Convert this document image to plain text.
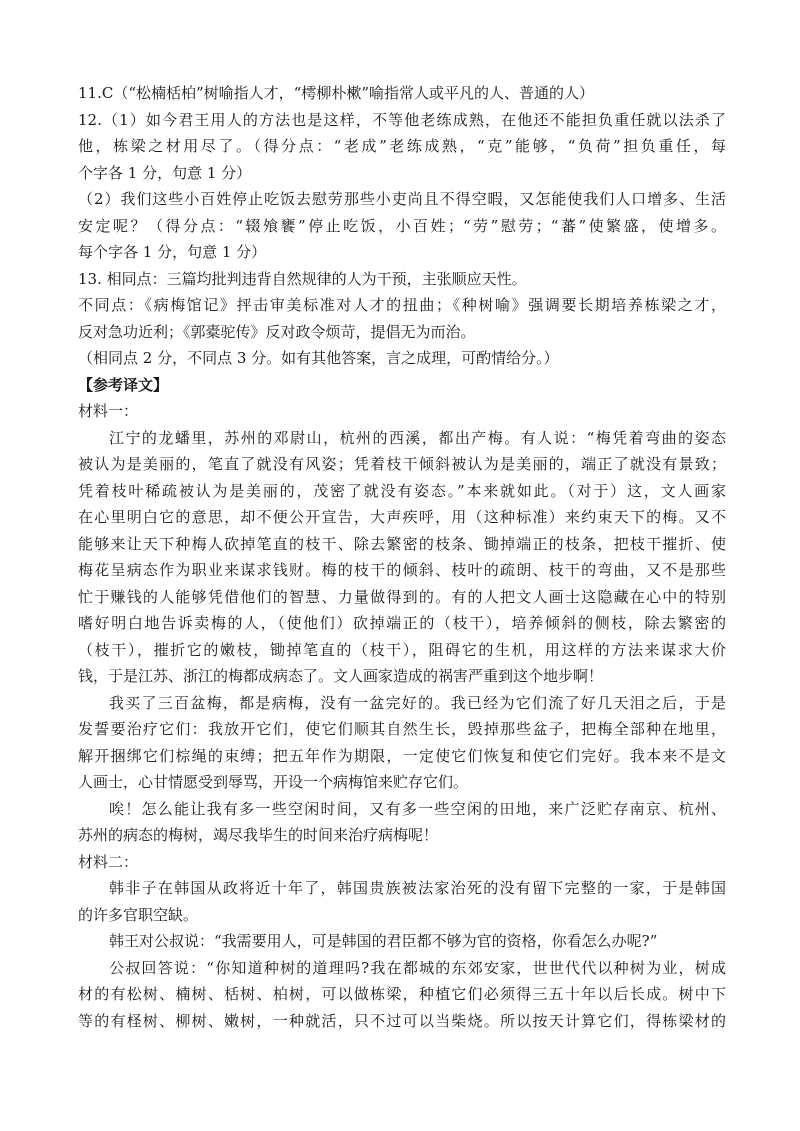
11.C（“松楠栝柏”树喻指人才，“樗柳朴樕”喻指常人或平凡的人、普通的人）
12.（1）如今君王用人的方法也是这样，不等他老练成熟，在他还不能担负重任就以法杀了
他，栋梁之材用尽了。（得分点：“老成”老练成熟，“克”能够，“负荷”担负重任，每
个字各 1 分，句意 1 分）
（2）我们这些小百姓停止吃饭去慰劳那些小吏尚且不得空暇，又怎能使我们人口增多、生活
安定呢？（得分点：“辍飧饔”停止吃饭，小百姓；“劳”慰劳；“蕃”使繁盛，使增多。
每个字各 1 分，句意 1 分）
13. 相同点：三篇均批判违背自然规律的人为干预，主张顺应天性。
不同点：《病梅馆记》抨击审美标准对人才的扭曲；《种树喻》强调要长期培养栋梁之才，
反对急功近利；《郭橐驼传》反对政令烦苛，提倡无为而治。
（相同点 2 分，不同点 3 分。如有其他答案，言之成理，可酌情给分。）
【参考译文】
材料一：
江宁的龙蟠里，苏州的邓尉山，杭州的西溪，都出产梅。有人说：“梅凭着弯曲的姿态
被认为是美丽的，笔直了就没有风姿；凭着枝干倾斜被认为是美丽的，端正了就没有景致；
凭着枝叶稀疏被认为是美丽的，茂密了就没有姿态。”本来就如此。（对于）这，文人画家
在心里明白它的意思，却不便公开宣告，大声疾呼，用（这种标准）来约束天下的梅。又不
能够来让天下种梅人砍掉笔直的枝干、除去繁密的枝条、锄掉端正的枝条，把枝干摧折、使
梅花呈病态作为职业来谋求钱财。梅的枝干的倾斜、枝叶的疏朗、枝干的弯曲，又不是那些
忙于赚钱的人能够凭借他们的智慧、力量做得到的。有的人把文人画士这隐藏在心中的特别
嗜好明白地告诉卖梅的人，（使他们）砍掉端正的（枝干），培养倾斜的侧枝，除去繁密的
（枝干），摧折它的嫩枝，锄掉笔直的（枝干），阻碍它的生机，用这样的方法来谋求大价
钱，于是江苏、浙江的梅都成病态了。文人画家造成的祸害严重到这个地步啊！
我买了三百盆梅，都是病梅，没有一盆完好的。我已经为它们流了好几天泪之后，于是
发誓要治疗它们：我放开它们，使它们顺其自然生长，毁掉那些盆子，把梅全部种在地里，
解开捆绑它们棕绳的束缚；把五年作为期限，一定使它们恢复和使它们完好。我本来不是文
人画士，心甘情愿受到辱骂，开设一个病梅馆来贮存它们。
唉！怎么能让我有多一些空闲时间，又有多一些空闲的田地，来广泛贮存南京、杭州、
苏州的病态的梅树，竭尽我毕生的时间来治疗病梅呢！
材料二：
韩非子在韩国从政将近十年了，韩国贵族被法家治死的没有留下完整的一家，于是韩国
的许多官职空缺。
韩王对公叔说：“我需要用人，可是韩国的君臣都不够为官的资格，你看怎么办呢?”
公叔回答说：“你知道种树的道理吗?我在都城的东郊安家，世世代代以种树为业，树成
材的有松树、楠树、栝树、柏树，可以做栋梁，种植它们必须得三五十年以后长成。树中下
等的有柽树、柳树、嫩树，一种就活，只不过可以当柴烧。所以按天计算它们，得栋梁材的
